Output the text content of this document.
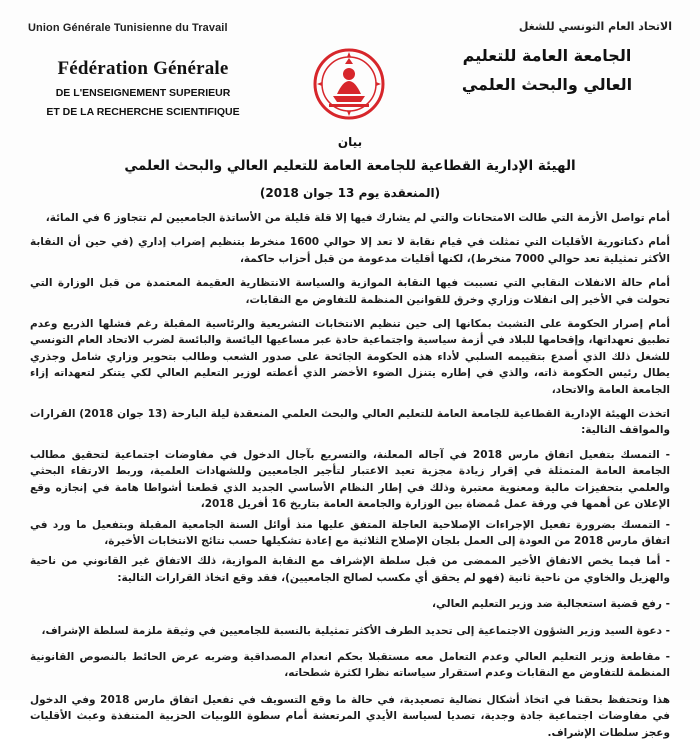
Union Générale Tunisienne du Travail
Fédération Générale
DE L'ENSEIGNEMENT SUPERIEUR
ET DE LA RECHERCHE SCIENTIFIQUE
الاتحاد العام التونسي للشغل
الجامعة العامة للتعليم
العالي والبحث العلمي
بيان
الهيئة الإدارية القطاعية للجامعة العامة للتعليم العالي والبحث العلمي
(المنعقدة يوم 13 جوان 2018)

أمام تواصل الأزمة التي طالت الامتحانات والتي لم يشارك فيها إلا قلة قليلة من الأساتذة الجامعيين لم تتجاوز 6 في المائة،

أمام دكتاتورية الأقليات التي تمثلت في قيام نقابة لا تعد إلا حوالي 1600 منخرط بتنظيم إضراب إداري (في حين أن النقابة الأكثر تمثيلية تعد حوالي 7000 منخرط)، لكنها أقليات مدعومة من قبل أحزاب حاكمة،

أمام حالة الانفلات النقابي التي تسببت فيها النقابة الموازية والسياسة الانتظارية العقيمة المعتمدة من قبل الوزارة التي تحولت في الأخير إلى انفلات وزاري وخرق للقوانين المنظمة للتفاوض مع النقابات،

أمام إصرار الحكومة على التشبث بمكانها إلى حين تنظيم الانتخابات التشريعية والرئاسية المقبلة رغم فشلها الذريع وعدم تطبيق تعهداتها، وإقحامها للبلاد في أزمة سياسية واجتماعية حادة عبر مساعيها اليائسة والبائسة لضرب الاتحاد العام التونسي للشغل ذلك الذي أصدع بتقييمه السلبي لأداء هذه الحكومة الجائحة على صدور الشعب وطالب بتحوير وزاري شامل وجذري يطال رئيس الحكومة ذاته، والذي في إطاره يتنزل الضوء الأخضر الذي أعطته لوزير التعليم العالي لكي يتنكر لتعهداته إزاء الجامعة العامة والاتحاد،

اتخذت الهيئة الإدارية القطاعية للجامعة العامة للتعليم العالي والبحث العلمي المنعقدة ليلة البارحة (13 جوان 2018) القرارات والمواقف التالية:

- التمسك بتفعيل اتفاق مارس 2018 في آجاله المعلنة، والتسريع بآجال الدخول في مفاوضات اجتماعية لتحقيق مطالب الجامعة العامة المتمثلة في إقرار زيادة مجزية تعيد الاعتبار لتأجير الجامعيين وللشهادات العلمية، وربط الارتقاء البحثي والعلمي بتحفيزات مالية ومعنوية معتبرة وذلك في إطار النظام الأساسي الجديد الذي قطعنا أشواطا هامة في إنجازه وقع الإعلان عن أهمها في ورقة عمل مُمضاة بين الوزارة والجامعة العامة بتاريخ 16 أفريل 2018،
- التمسك بضرورة تفعيل الإجراءات الإصلاحية العاجلة المتفق عليها منذ أوائل السنة الجامعية المقبلة وبتفعيل ما ورد في اتفاق مارس 2018 من العودة إلى العمل بلجان الإصلاح الثلاثية مع إعادة تشكيلها حسب نتائج الانتخابات الأخيرة،
- أما فيما يخص الاتفاق الأخير الممضى من قبل سلطة الإشراف مع النقابة الموازية، ذلك الاتفاق غير القانوني من ناحية والهزيل والخاوي من ناحية ثانية (فهو لم يحقق أي مكسب لصالح الجامعيين)، فقد وقع اتخاذ القرارات التالية:
- رفع قضية استعجالية ضد وزير التعليم العالي،
- دعوة السيد وزير الشؤون الاجتماعية إلى تحديد الطرف الأكثر تمثيلية بالنسبة للجامعيين في وثيقة ملزمة لسلطة الإشراف،
- مقاطعة وزير التعليم العالي وعدم التعامل معه مستقبلا بحكم انعدام المصداقية وضربه عرض الحائط بالنصوص القانونية المنظمة للتفاوض مع النقابات وعدم استقرار سياساته نظرا لكثرة شطحاته،

هذا وتحتفظ بحقنا في اتخاذ أشكال نضالية تصعيدية، في حالة ما وقع التسويف في تفعيل اتفاق مارس 2018 وفي الدخول في مفاوضات اجتماعية جادة وجدية، تصديا لسياسة الأيدي المرتعشة أمام سطوة اللوبيات الحزبية المتنفذة وعبث الأقليات وعجز سلطات الإشراف.
